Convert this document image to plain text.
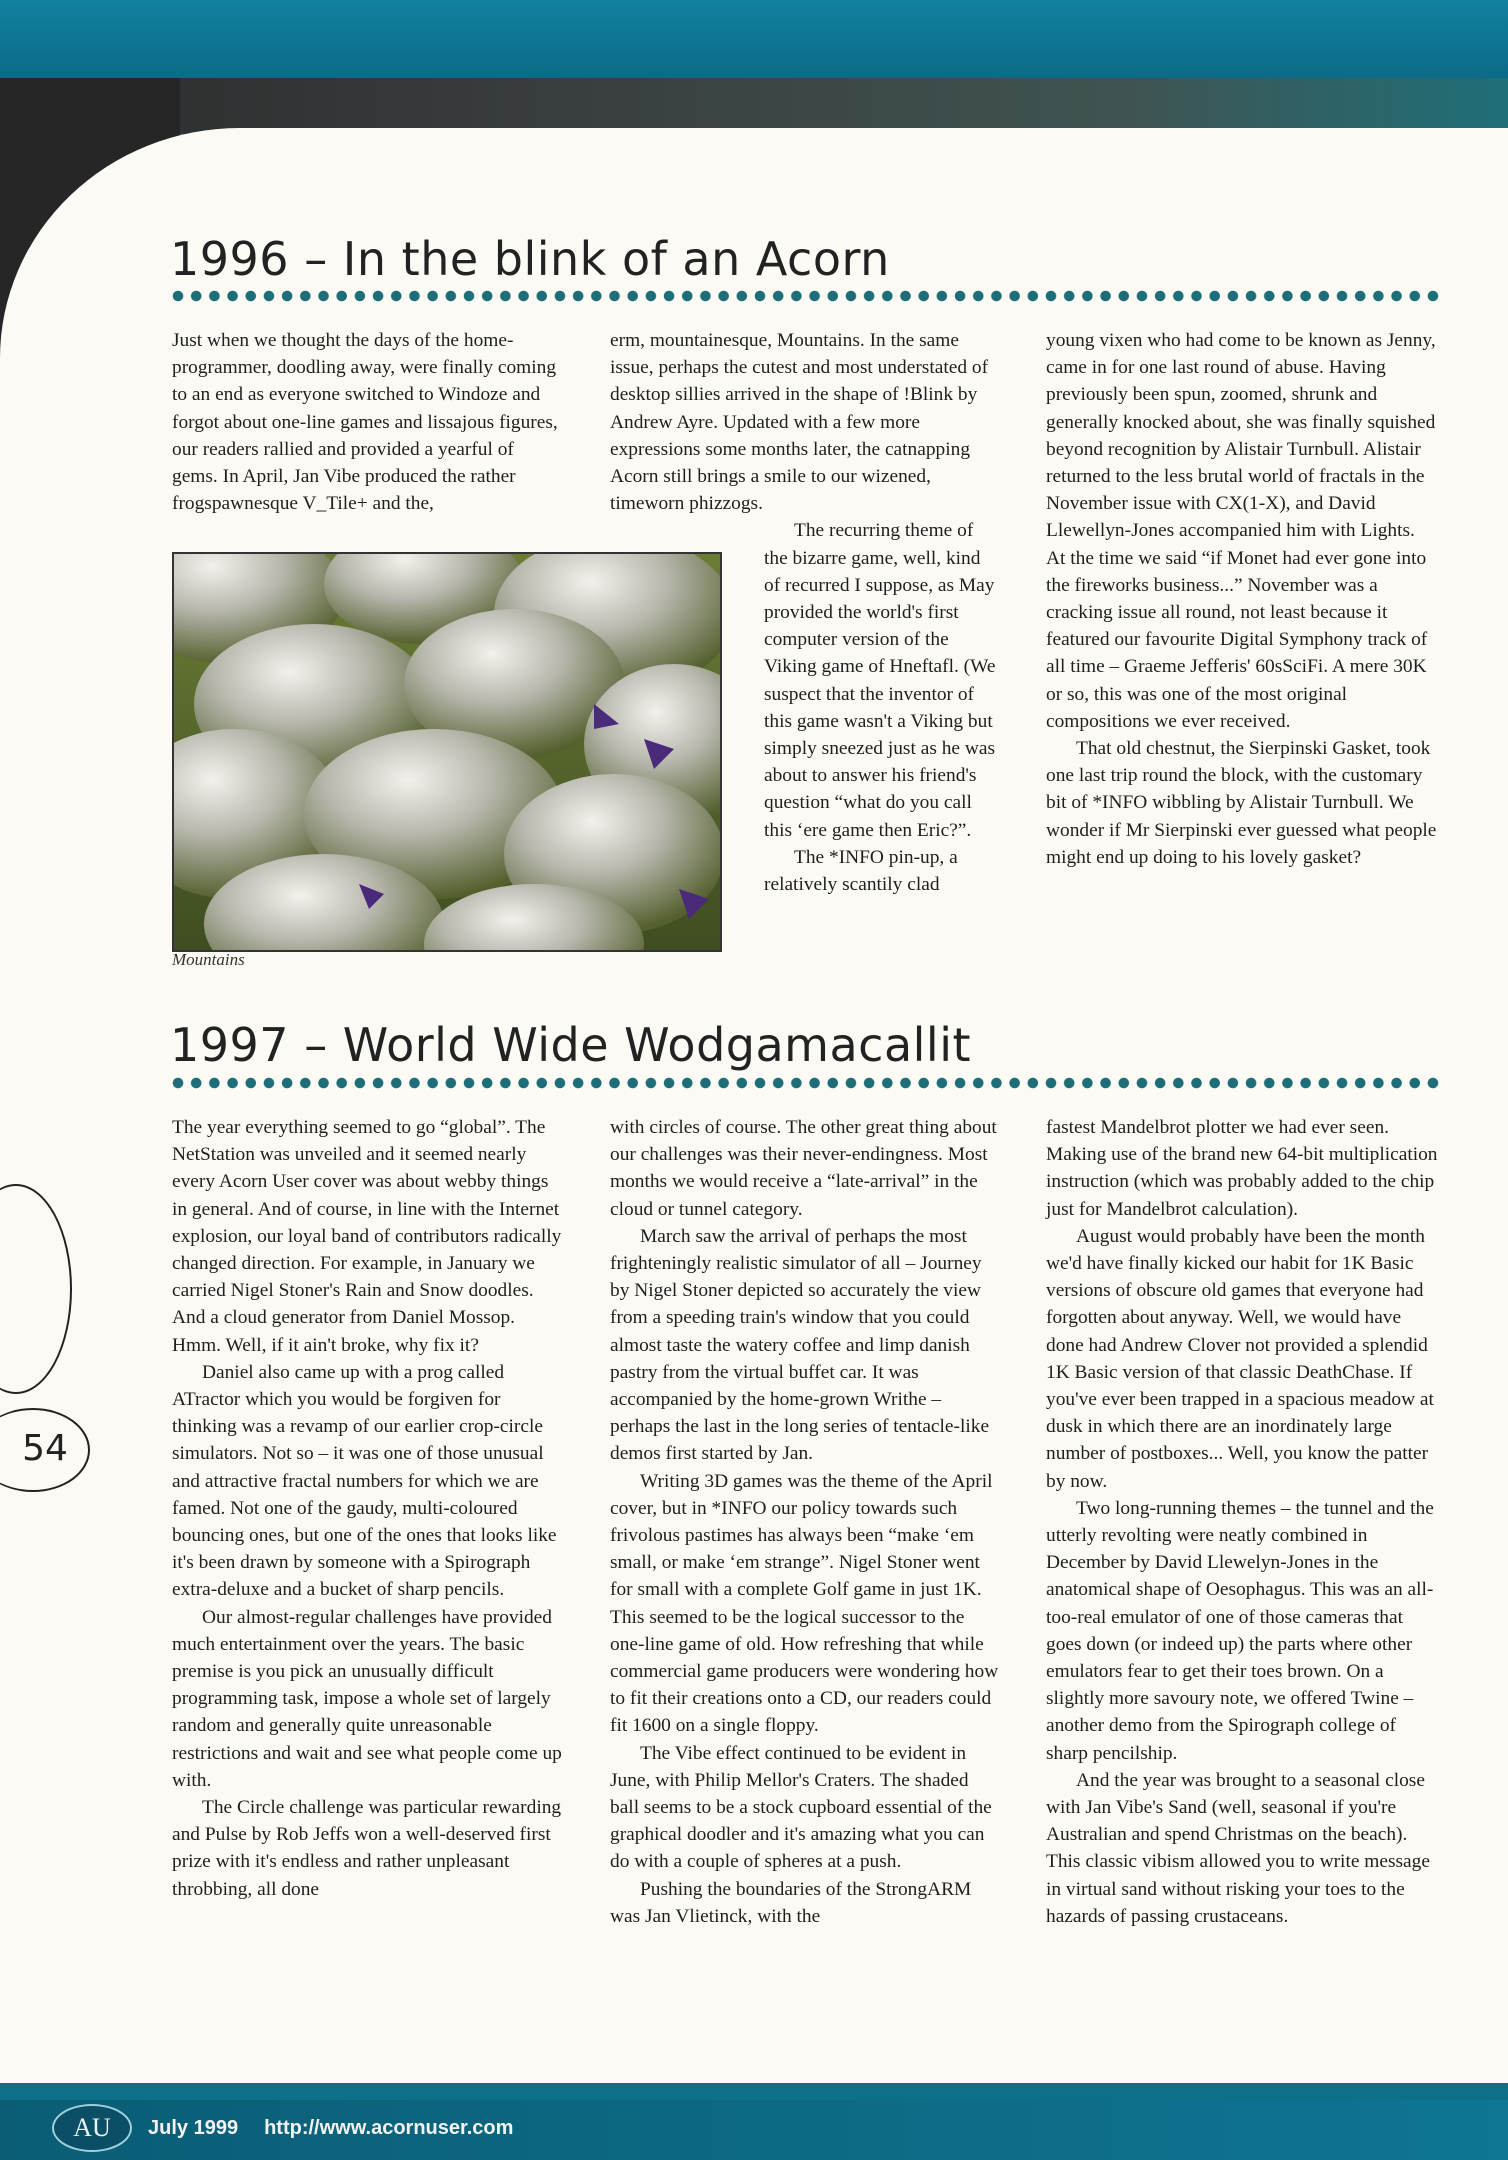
1996 – In the blink of an Acorn

Just when we thought the days of the home-programmer, doodling away, were finally coming to an end as everyone switched to Windoze and forgot about one-line games and lissajous figures, our readers rallied and provided a yearful of gems. In April, Jan Vibe produced the rather frogspawnesque V_Tile+ and the,

Mountains

erm, mountainesque, Mountains. In the same issue, perhaps the cutest and most understated of desktop sillies arrived in the shape of !Blink by Andrew Ayre. Updated with a few more expressions some months later, the catnapping Acorn still brings a smile to our wizened, timeworn phizzogs.

The recurring theme of the bizarre game, well, kind of recurred I suppose, as May provided the world's first computer version of the Viking game of Hneftafl. (We suspect that the inventor of this game wasn't a Viking but simply sneezed just as he was about to answer his friend's question “what do you call this ‘ere game then Eric?”.

The *INFO pin-up, a relatively scantily clad

young vixen who had come to be known as Jenny, came in for one last round of abuse. Having previously been spun, zoomed, shrunk and generally knocked about, she was finally squished beyond recognition by Alistair Turnbull. Alistair returned to the less brutal world of fractals in the November issue with CX(1-X), and David Llewellyn-Jones accompanied him with Lights. At the time we said “if Monet had ever gone into the fireworks business...” November was a cracking issue all round, not least because it featured our favourite Digital Symphony track of all time – Graeme Jefferis' 60sSciFi. A mere 30K or so, this was one of the most original compositions we ever received.

That old chestnut, the Sierpinski Gasket, took one last trip round the block, with the customary bit of *INFO wibbling by Alistair Turnbull. We wonder if Mr Sierpinski ever guessed what people might end up doing to his lovely gasket?

1997 – World Wide Wodgamacallit

The year everything seemed to go “global”. The NetStation was unveiled and it seemed nearly every Acorn User cover was about webby things in general. And of course, in line with the Internet explosion, our loyal band of contributors radically changed direction. For example, in January we carried Nigel Stoner's Rain and Snow doodles. And a cloud generator from Daniel Mossop. Hmm. Well, if it ain't broke, why fix it?

Daniel also came up with a prog called ATractor which you would be forgiven for thinking was a revamp of our earlier crop-circle simulators. Not so – it was one of those unusual and attractive fractal numbers for which we are famed. Not one of the gaudy, multi-coloured bouncing ones, but one of the ones that looks like it's been drawn by someone with a Spirograph extra-deluxe and a bucket of sharp pencils.

Our almost-regular challenges have provided much entertainment over the years. The basic premise is you pick an unusually difficult programming task, impose a whole set of largely random and generally quite unreasonable restrictions and wait and see what people come up with.

The Circle challenge was particular rewarding and Pulse by Rob Jeffs won a well-deserved first prize with it's endless and rather unpleasant throbbing, all done

with circles of course. The other great thing about our challenges was their never-endingness. Most months we would receive a “late-arrival” in the cloud or tunnel category.

March saw the arrival of perhaps the most frighteningly realistic simulator of all – Journey by Nigel Stoner depicted so accurately the view from a speeding train's window that you could almost taste the watery coffee and limp danish pastry from the virtual buffet car. It was accompanied by the home-grown Writhe – perhaps the last in the long series of tentacle-like demos first started by Jan.

Writing 3D games was the theme of the April cover, but in *INFO our policy towards such frivolous pastimes has always been “make ‘em small, or make ‘em strange”. Nigel Stoner went for small with a complete Golf game in just 1K. This seemed to be the logical successor to the one-line game of old. How refreshing that while commercial game producers were wondering how to fit their creations onto a CD, our readers could fit 1600 on a single floppy.

The Vibe effect continued to be evident in June, with Philip Mellor's Craters. The shaded ball seems to be a stock cupboard essential of the graphical doodler and it's amazing what you can do with a couple of spheres at a push.

Pushing the boundaries of the StrongARM was Jan Vlietinck, with the

fastest Mandelbrot plotter we had ever seen. Making use of the brand new 64-bit multiplication instruction (which was probably added to the chip just for Mandelbrot calculation).

August would probably have been the month we'd have finally kicked our habit for 1K Basic versions of obscure old games that everyone had forgotten about anyway. Well, we would have done had Andrew Clover not provided a splendid 1K Basic version of that classic DeathChase. If you've ever been trapped in a spacious meadow at dusk in which there are an inordinately large number of postboxes... Well, you know the patter by now.

Two long-running themes – the tunnel and the utterly revolting were neatly combined in December by David Llewelyn-Jones in the anatomical shape of Oesophagus. This was an all-too-real emulator of one of those cameras that goes down (or indeed up) the parts where other emulators fear to get their toes brown. On a slightly more savoury note, we offered Twine – another demo from the Spirograph college of sharp pencilship.

And the year was brought to a seasonal close with Jan Vibe's Sand (well, seasonal if you're Australian and spend Christmas on the beach). This classic vibism allowed you to write message in virtual sand without risking your toes to the hazards of passing crustaceans.

54
AU	July 1999 http://www.acornuser.com
